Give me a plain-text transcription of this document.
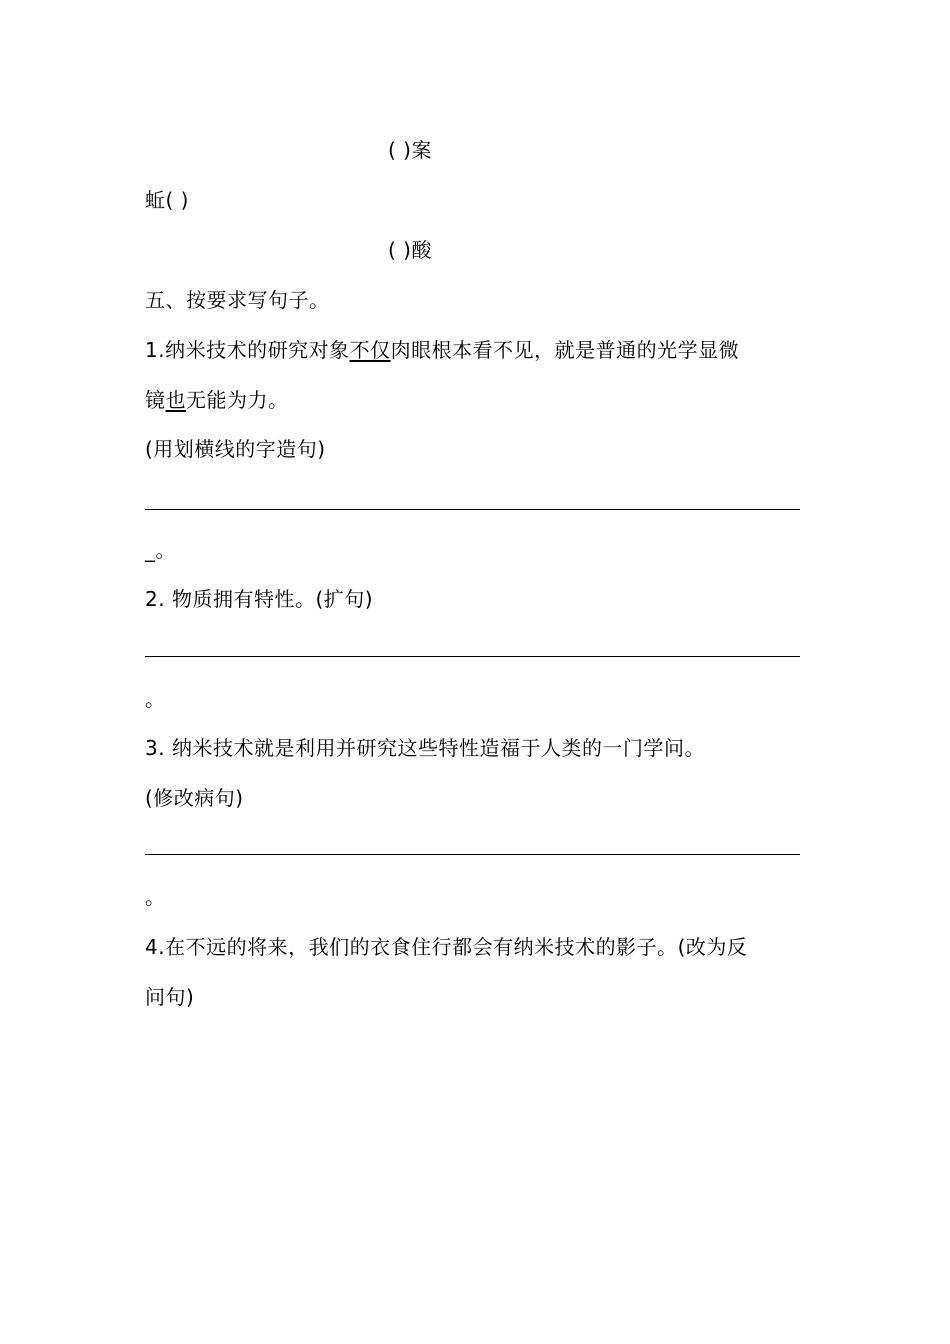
( )案
蚯( )
( )酸
五、按要求写句子。
1.纳米技术的研究对象不仅肉眼根本看不见，就是普通的光学显微
镜也无能为力。
(用划横线的字造句)
_。
2. 物质拥有特性。(扩句)
。
3. 纳米技术就是利用并研究这些特性造福于人类的一门学问。
(修改病句)
。
4.在不远的将来，我们的衣食住行都会有纳米技术的影子。(改为反
问句)
